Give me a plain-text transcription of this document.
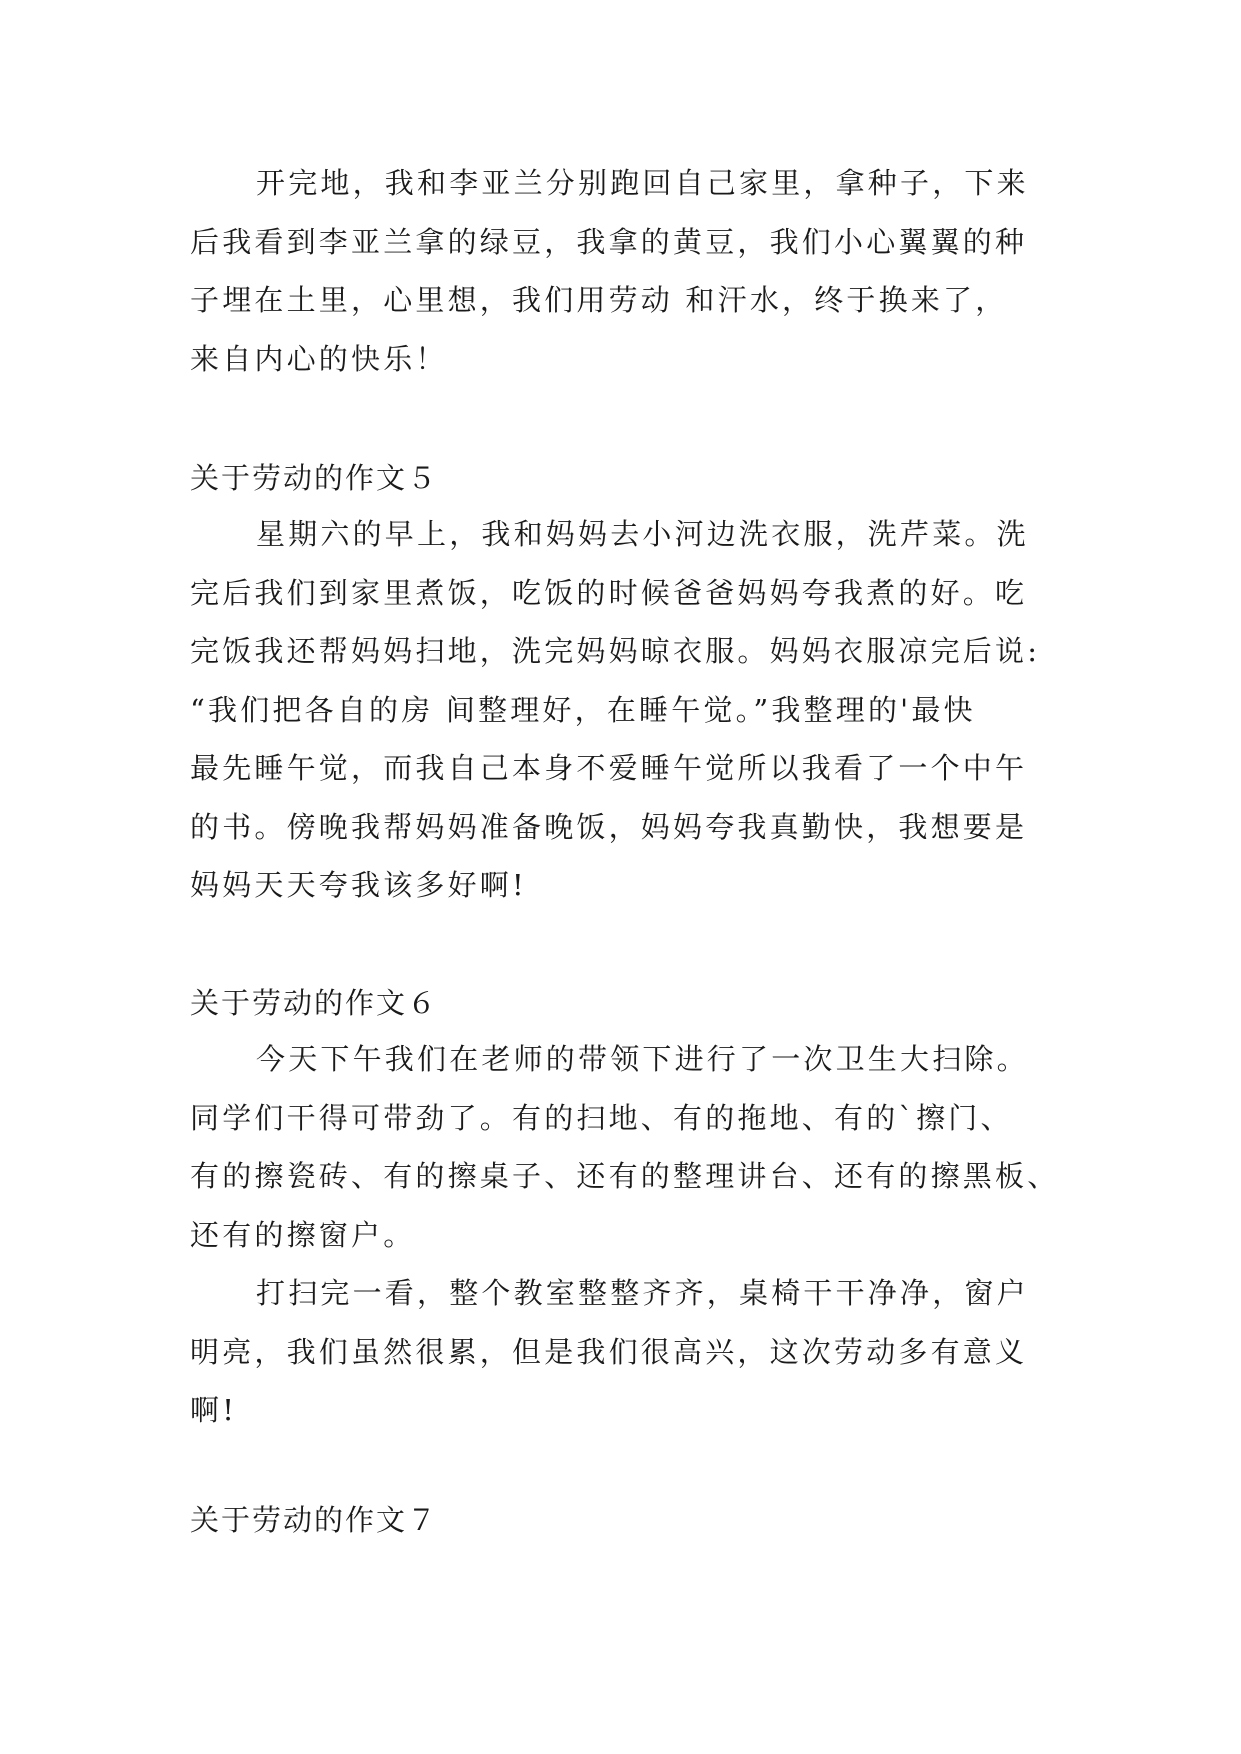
开完地，我和李亚兰分别跑回自己家里，拿种子，下来
后我看到李亚兰拿的绿豆，我拿的黄豆，我们小心翼翼的种
子埋在土里，心里想，我们用劳动 和汗水，终于换来了，
来自内心的快乐！
关于劳动的作文５
星期六的早上，我和妈妈去小河边洗衣服，洗芹菜。洗
完后我们到家里煮饭，吃饭的时候爸爸妈妈夸我煮的好。吃
完饭我还帮妈妈扫地，洗完妈妈晾衣服。妈妈衣服凉完后说:
“我们把各自的房 间整理好，在睡午觉。”我整理的'最快
最先睡午觉，而我自己本身不爱睡午觉所以我看了一个中午
的书。傍晚我帮妈妈准备晚饭，妈妈夸我真勤快，我想要是
妈妈天天夸我该多好啊!
关于劳动的作文６
今天下午我们在老师的带领下进行了一次卫生大扫除。
同学们干得可带劲了。有的扫地、有的拖地、有的`擦门、
有的擦瓷砖、有的擦桌子、还有的整理讲台、还有的擦黑板、
还有的擦窗户。
打扫完一看，整个教室整整齐齐，桌椅干干净净，窗户
明亮，我们虽然很累，但是我们很高兴，这次劳动多有意义
啊!
关于劳动的作文７
